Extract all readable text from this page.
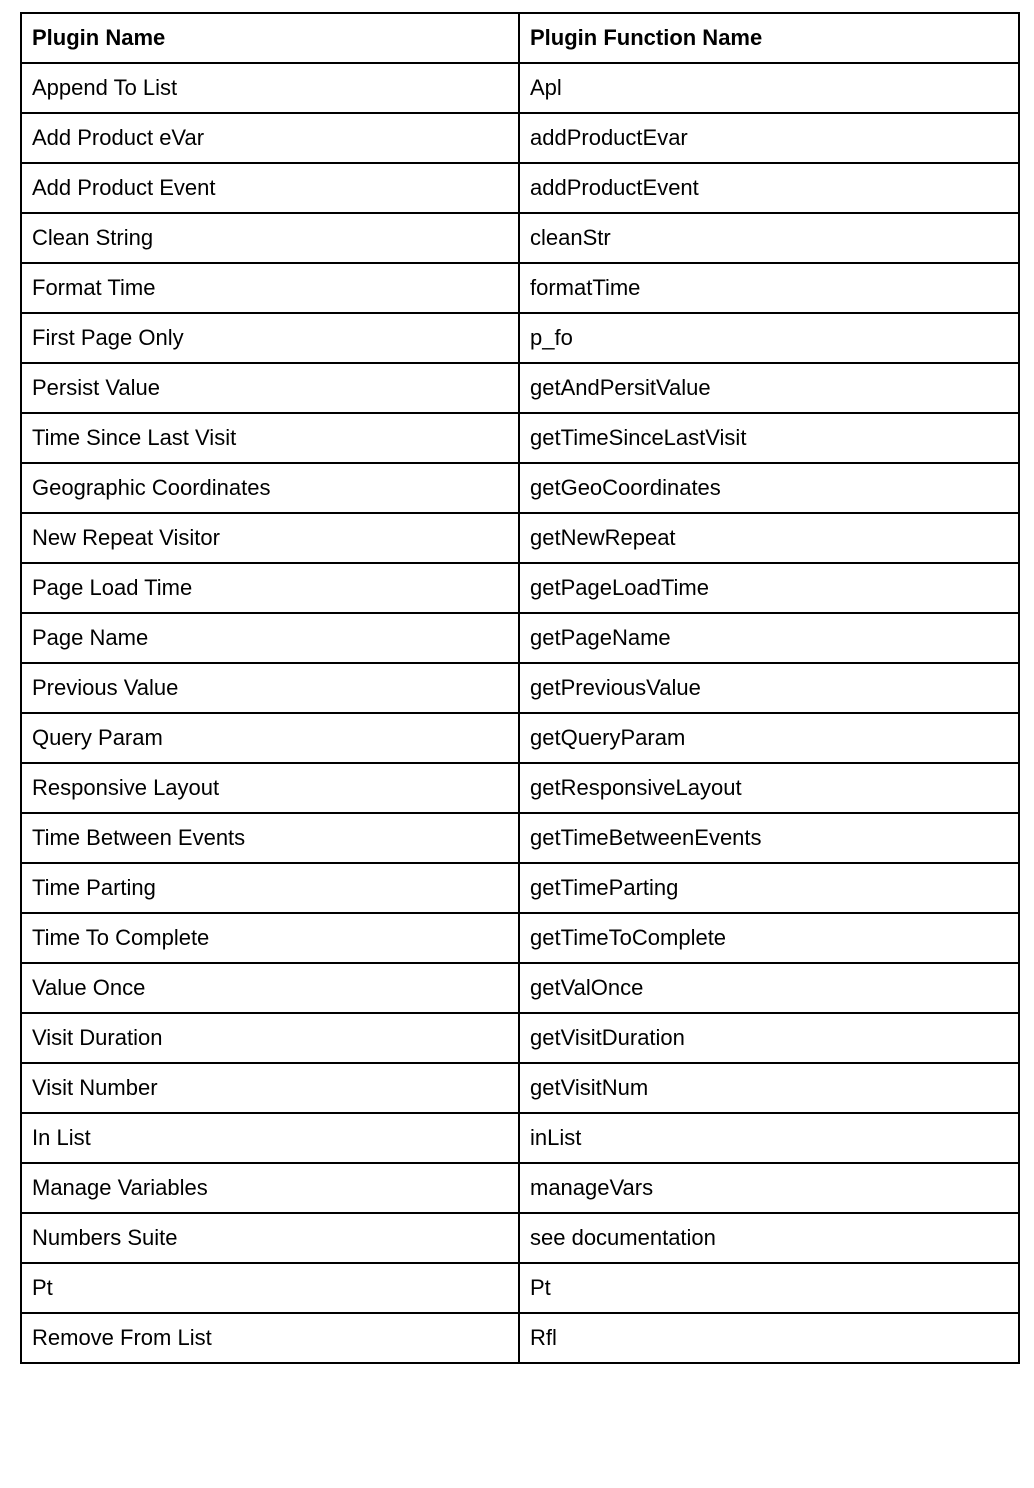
Plugin Name	Plugin Function Name
Append To List	Apl
Add Product eVar	addProductEvar
Add Product Event	addProductEvent
Clean String	cleanStr
Format Time	formatTime
First Page Only	p_fo
Persist Value	getAndPersitValue
Time Since Last Visit	getTimeSinceLastVisit
Geographic Coordinates	getGeoCoordinates
New Repeat Visitor	getNewRepeat
Page Load Time	getPageLoadTime
Page Name	getPageName
Previous Value	getPreviousValue
Query Param	getQueryParam
Responsive Layout	getResponsiveLayout
Time Between Events	getTimeBetweenEvents
Time Parting	getTimeParting
Time To Complete	getTimeToComplete
Value Once	getValOnce
Visit Duration	getVisitDuration
Visit Number	getVisitNum
In List	inList
Manage Variables	manageVars
Numbers Suite	see documentation
Pt	Pt
Remove From List	Rfl
